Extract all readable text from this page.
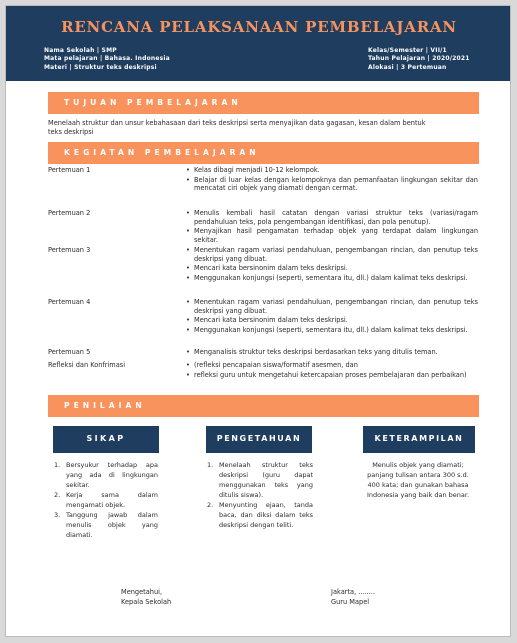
RENCANA PELAKSANAAN PEMBELAJARAN
Nama Sekolah | SMP
Mata pelajaran | Bahasa. Indonesia
Materi | Struktur teks deskripsi
Kelas/Semester | VII/1
Tahun Pelajaran | 2020/2021
Alokasi | 3 Pertemuan
TUJUAN PEMBELAJARAN
Menelaah struktur dan unsur kebahasaan dari teks deskripsi serta menyajikan data gagasan, kesan dalam bentuk teks deskripsi
KEGIATAN PEMBELAJARAN
Pertemuan 1	• Kelas dibagi menjadi 10-12 kelompok.
• Belajar di luar kelas dengan kelompoknya dan pemanfaatan lingkungan sekitar dan mencatat ciri objek yang diamati dengan cermat.
Pertemuan 2	• Menulis kembali hasil catatan dengan variasi struktur teks (variasi/ragam pendahuluan teks, pola pengembangan identifikasi, dan pola penutup).
• Menyajikan hasil pengamatan terhadap objek yang terdapat dalam lingkungan sekitar.
Pertemuan 3	• Menentukan ragam variasi pendahuluan, pengembangan rincian, dan penutup teks deskripsi yang dibuat.
• Mencari kata bersinonim dalam teks deskripsi.
• Menggunakan konjungsi (seperti, sementara itu, dll.) dalam kalimat teks deskripsi.
Pertemuan 4	• Menentukan ragam variasi pendahuluan, pengembangan rincian, dan penutup teks deskripsi yang dibuat.
• Mencari kata bersinonim dalam teks deskripsi.
• Menggunakan konjungsi (seperti, sementara itu, dll.) dalam kalimat teks deskripsi.
Pertemuan 5	• Menganalisis struktur teks deskripsi berdasarkan teks yang ditulis teman.
Refleksi dan Konfrimasi	• (refleksi pencapaian siswa/formatif asesmen, dan
• refleksi guru untuk mengetahui ketercapaian proses pembelajaran dan perbaikan)
PENILAIAN
SIKAP	PENGETAHUAN	KETERAMPILAN
1. Bersyukur terhadap apa yang ada di lingkungan sekitar.
2. Kerja sama dalam mengamati objek.
3. Tanggung jawab dalam menulis objek yang diamati.
1. Menelaah struktur teks deskripsi (guru dapat menggunakan teks yang ditulis siswa).
2. Menyunting ejaan, tanda baca, dan diksi dalam teks deskripsi dengan teliti.
Menulis objek yang diamati; panjang tulisan antara 300 s.d. 400 kata; dan gunakan bahasa Indonesia yang baik dan benar.
Mengetahui,
Kepala Sekolah
Jakarta, ........
Guru Mapel
